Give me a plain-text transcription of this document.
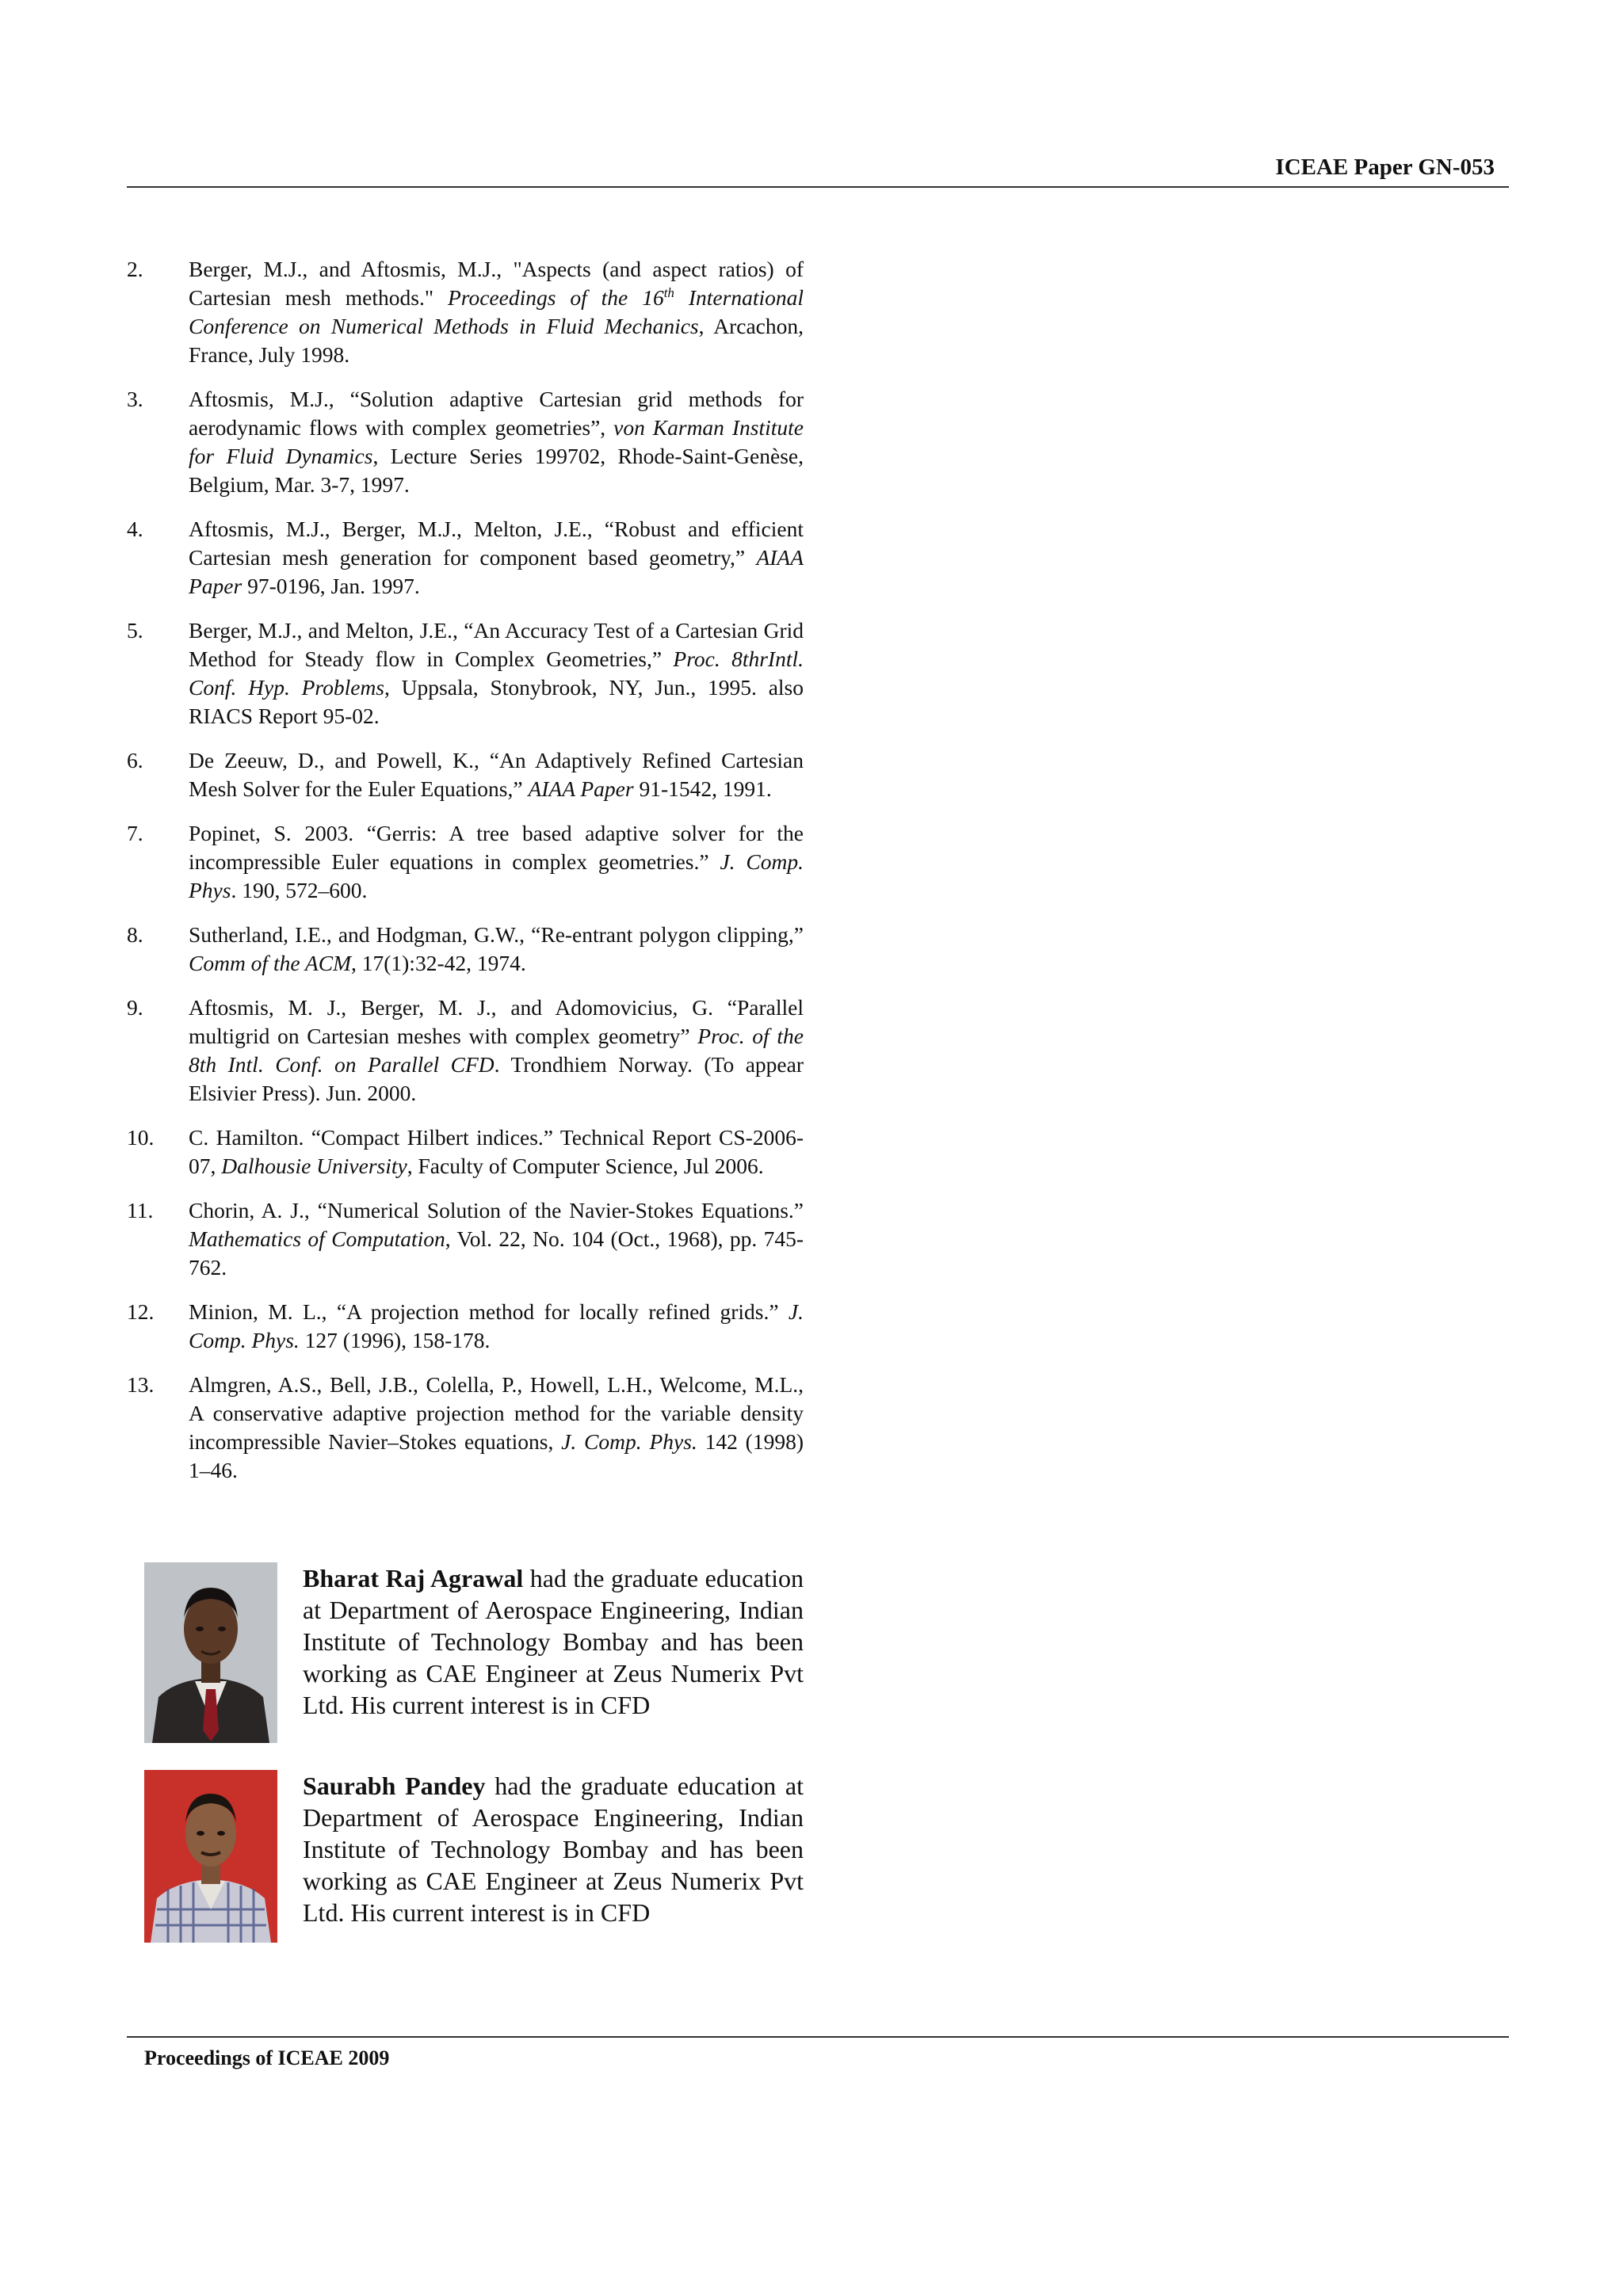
ICEAE Paper GN-053
2.	Berger, M.J., and Aftosmis, M.J., "Aspects (and aspect ratios) of Cartesian mesh methods." Proceedings of the 16th International Conference on Numerical Methods in Fluid Mechanics, Arcachon, France, July 1998.
3.	Aftosmis, M.J., “Solution adaptive Cartesian grid methods for aerodynamic flows with complex geometries”, von Karman Institute for Fluid Dynamics, Lecture Series 199702, Rhode-Saint-Genèse, Belgium, Mar. 3-7, 1997.
4.	Aftosmis, M.J., Berger, M.J., Melton, J.E., “Robust and efficient Cartesian mesh generation for component based geometry,” AIAA Paper 97-0196, Jan. 1997.
5.	Berger, M.J., and Melton, J.E., “An Accuracy Test of a Cartesian Grid Method for Steady flow in Complex Geometries,” Proc. 8thrIntl. Conf. Hyp. Problems, Uppsala, Stonybrook, NY, Jun., 1995. also RIACS Report 95-02.
6.	De Zeeuw, D., and Powell, K., “An Adaptively Refined Cartesian Mesh Solver for the Euler Equations,” AIAA Paper 91-1542, 1991.
7.	Popinet, S. 2003. “Gerris: A tree based adaptive solver for the incompressible Euler equations in complex geometries.” J. Comp. Phys. 190, 572–600.
8.	Sutherland, I.E., and Hodgman, G.W., “Re-entrant polygon clipping,” Comm of the ACM, 17(1):32-42, 1974.
9.	Aftosmis, M. J., Berger, M. J., and Adomovicius, G. “Parallel multigrid on Cartesian meshes with complex geometry” Proc. of the 8th Intl. Conf. on Parallel CFD. Trondhiem Norway. (To appear Elsivier Press). Jun. 2000.
10.	C. Hamilton. “Compact Hilbert indices.” Technical Report CS-2006-07, Dalhousie University, Faculty of Computer Science, Jul 2006.
11.	Chorin, A. J., “Numerical Solution of the Navier-Stokes Equations.” Mathematics of Computation, Vol. 22, No. 104 (Oct., 1968), pp. 745-762.
12.	Minion, M. L., “A projection method for locally refined grids.” J. Comp. Phys. 127 (1996), 158-178.
13.	Almgren, A.S., Bell, J.B., Colella, P., Howell, L.H., Welcome, M.L., A conservative adaptive projection method for the variable density incompressible Navier–Stokes equations, J. Comp. Phys. 142 (1998) 1–46.
Bharat Raj Agrawal had the graduate education at Department of Aerospace Engineering, Indian Institute of Technology Bombay and has been working as CAE Engineer at Zeus Numerix Pvt Ltd. His current interest is in CFD
Saurabh Pandey had the graduate education at Department of Aerospace Engineering, Indian Institute of Technology Bombay and has been working as CAE Engineer at Zeus Numerix Pvt Ltd. His current interest is in CFD
Proceedings of ICEAE 2009
